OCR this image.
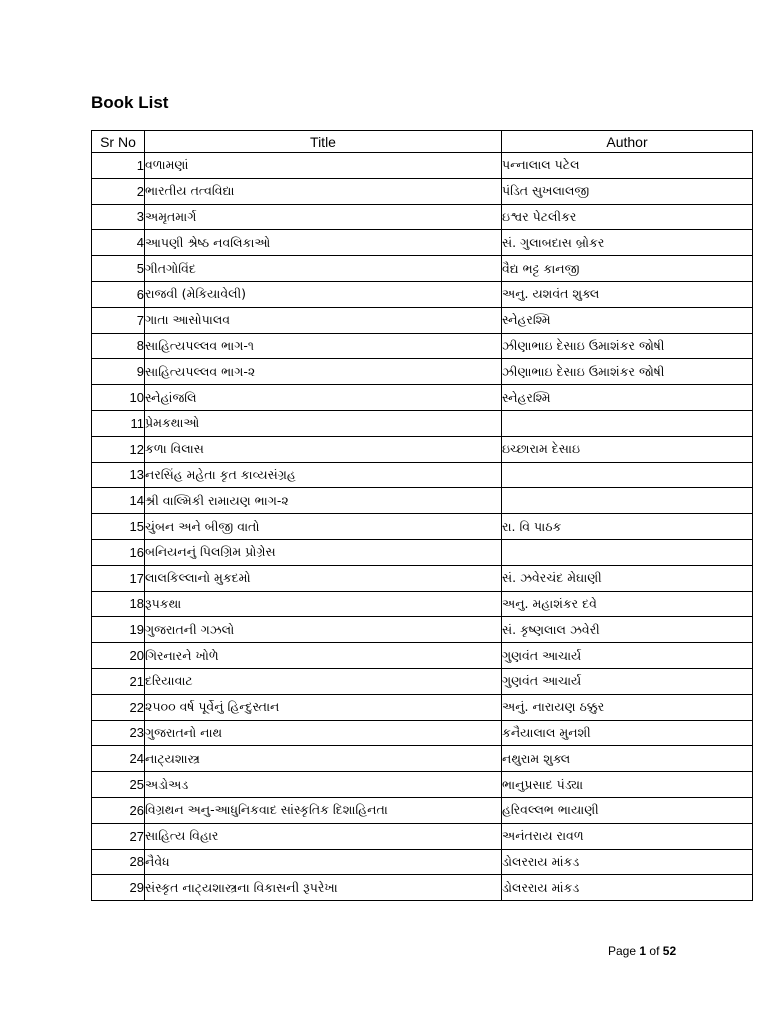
Book List
Sr No	Title	Author
1	વળામણાં	પન્નાલાલ પટેલ
2	ભારતીય તત્વવિદ્યા	પંડિત સુખલાલજી
3	અમૃતમાર્ગ	ઇશ્વર પેટલીકર
4	આપણી શ્રેષ્ઠ નવલિકાઓ	સં. ગુલાબદાસ બ્રોકર
5	ગીતગોવિંદ	વૈદ્ય ભટ્ટ કાનજી
6	રાજવી (મેકિયાવેલી)	અનુ. યશવંત શુક્લ
7	ગાતા આસોપાલવ	સ્નેહરશ્મિ
8	સાહિત્યપલ્લવ ભાગ-૧	ઝીણાભાઇ દેસાઇ ઉમાશંકર જોષી
9	સાહિત્યપલ્લવ ભાગ-૨	ઝીણાભાઇ દેસાઇ ઉમાશંકર જોષી
10	સ્નેહાંજલિ	સ્નેહરશ્મિ
11	પ્રેમકથાઓ	
12	કળા વિલાસ	ઇચ્છારામ દેસાઇ
13	નરસિંહ મહેતા કૃત કાવ્યસંગ્રહ	
14	શ્રી વાલ્મિકી રામાયણ ભાગ-૨	
15	ચુંબન અને બીજી વાતો	રા. વિ પાઠક
16	બનિયનનું પિલગ્રિમ પ્રોગ્રેસ	
17	લાલકિલ્લાનો મુકદમો	સં. ઝવેરચંદ મેઘાણી
18	રૂપકથા	અનુ. મહાશંકર દવે
19	ગુજરાતની ગઝલો	સં. કૃષ્ણલાલ ઝવેરી
20	ગિરનારને ખોળે	ગુણવંત આચાર્ય
21	દરિયાવાટ	ગુણવંત આચાર્ય
22	૨૫૦૦ વર્ષ પૂર્વેનું હિન્દુસ્તાન	અનું. નારાયણ ઠક્કુર
23	ગુજરાતનો નાથ	કનૈયાલાલ મુનશી
24	નાટ્યશાસ્ત્ર	નથુરામ શુક્લ
25	અડોઅડ	ભાનુપ્રસાદ પંડ્યા
26	વિગ્રથન અનુ-આધુનિકવાદ સાંસ્કૃતિક દિશાહિનતા	હરિવલ્લભ ભાયાણી
27	સાહિત્ય વિહાર	અનંતરાય રાવળ
28	નૈવેધ	ડોલરરાય માંકડ
29	સંસ્કૃત નાટ્યશાસ્ત્રના વિકાસની રૂપરેખા	ડોલરરાય માંકડ
Page 1 of 52
